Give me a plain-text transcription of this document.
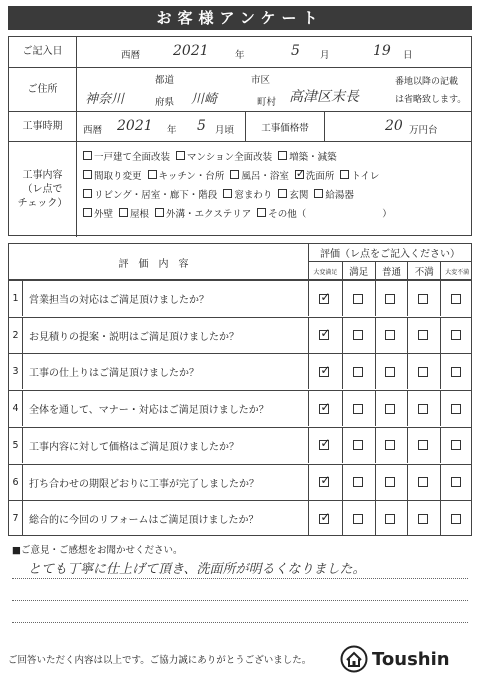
お客様アンケート
ご記入日	西暦 2021	年	5 月	19 日
ご住所
都道
府県
市区
町村
神奈川	川崎	高津区末長
番地以降の記載
は省略致します。
工事時期	西暦 2021 年 5 月頃	工事価格帯	20 万円台
工事内容
（レ点で
チェック）
一戸建て全面改装 マンション全面改装 増築・減築
間取り変更 キッチン・台所 風呂・浴室
✓ 洗面所 トイレ
リビング・居室・廊下・階段 窓まわり 玄関 給湯器
外壁 屋根 外溝・エクステリア その他（	）
評価内容
評価（レ点をご記入ください）
大変満足	満足	普通	不満	大変不満
1	営業担当の対応はご満足頂けましたか？
✓
2	お見積りの提案・説明はご満足頂けましたか？
✓
3	工事の仕上りはご満足頂けましたか？
✓
4	全体を通して、マナー・対応はご満足頂けましたか？
✓
5	工事内容に対して価格はご満足頂けましたか？
✓
6	打ち合わせの期限どおりに工事が完了しましたか？
✓
7	総合的に今回のリフォームはご満足頂けましたか？
✓
■ご意見・ご感想をお聞かせください。
とても丁寧に仕上げて頂き、洗面所が明るくなりました。
ご回答いただく内容は以上です。ご協力誠にありがとうございました。	Toushin
